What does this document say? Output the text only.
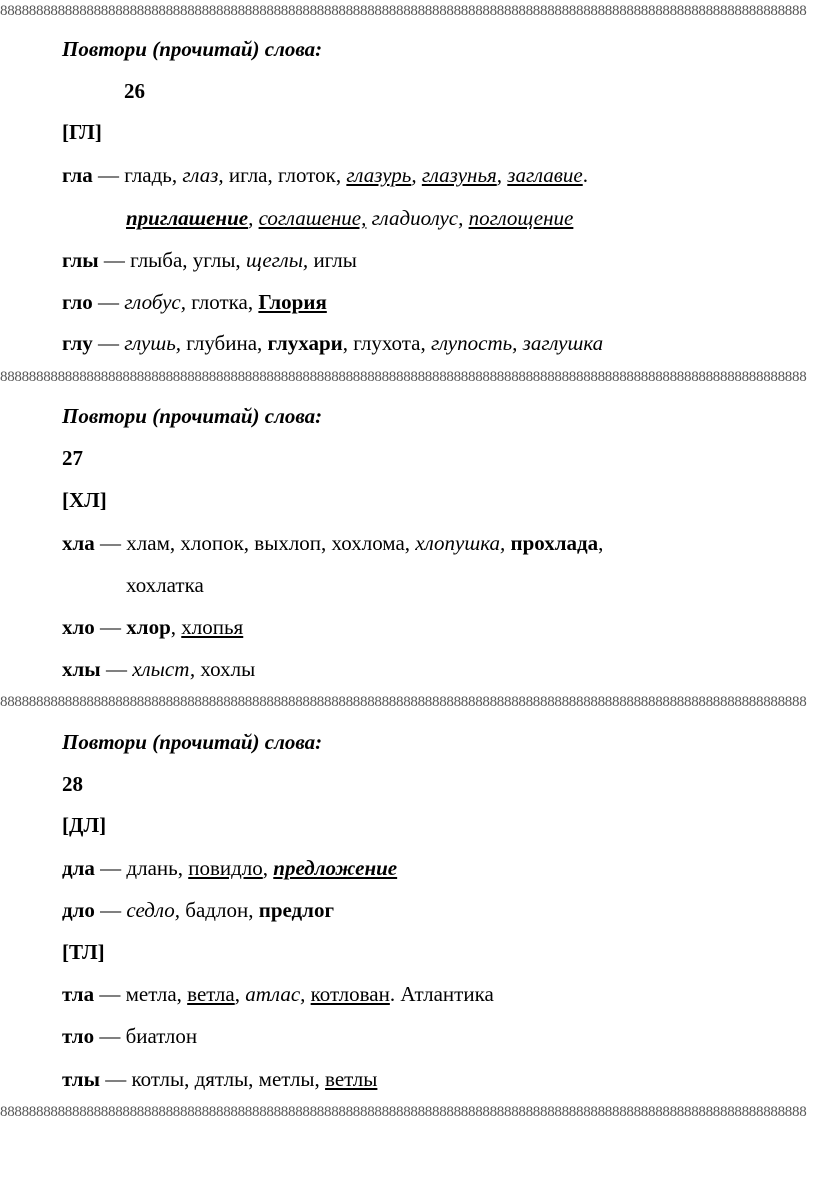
8888888888888888888888888888888888888888888888888888888888888888888888888888888888888888888888888888888888888888
8888888888888888888888888888888888888888888888888888888888888888888888888888888888888888888888888888888888888888
8888888888888888888888888888888888888888888888888888888888888888888888888888888888888888888888888888888888888888
8888888888888888888888888888888888888888888888888888888888888888888888888888888888888888888888888888888888888888
Повтори (прочитай) слова:
26
[ГЛ]
гла — гладь, глаз, игла, глоток, глазурь, глазунья, заглавие.
приглашение, соглашение, гладиолус, поглощение
глы — глыба, углы, щеглы, иглы
гло — глобус, глотка, Глория
глу — глушь, глубина, глухари, глухота, глупость, заглушка
Повтори (прочитай) слова:
27
[ХЛ]
хла — хлам, хлопок, выхлоп, хохлома, хлопушка, прохлада,
хохлатка
хло — хлор, хлопья
хлы — хлыст, хохлы
Повтори (прочитай) слова:
28
[ДЛ]
дла — длань, повидло, предложение
дло — седло, бадлон, предлог
[ТЛ]
тла — метла, ветла, атлас, котлован. Атлантика
тло — биатлон
тлы — котлы, дятлы, метлы, ветлы
